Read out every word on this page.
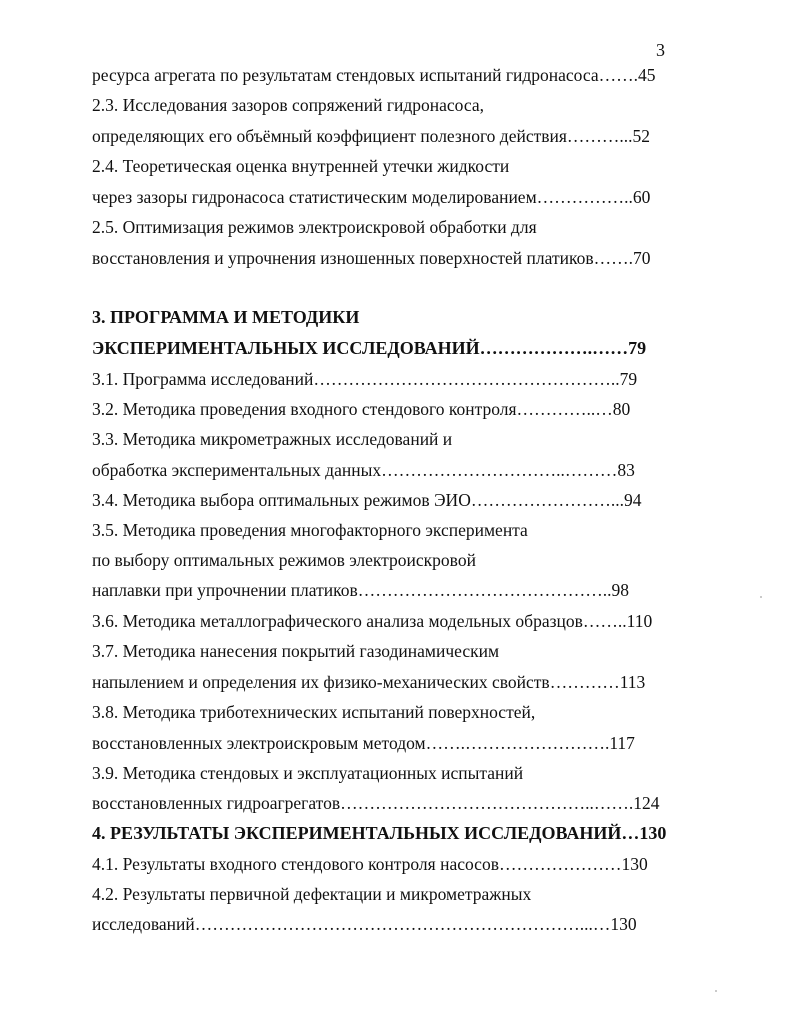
3
ресурса агрегата по результатам стендовых испытаний гидронасоса…….45
2.3. Исследования зазоров сопряжений гидронасоса,
определяющих его объёмный коэффициент полезного действия………...52
2.4. Теоретическая оценка внутренней утечки жидкости
через зазоры гидронасоса статистическим моделированием……………..60
2.5. Оптимизация режимов электроискровой обработки для
восстановления и упрочнения изношенных поверхностей платиков…….70
3. ПРОГРАММА И МЕТОДИКИ
ЭКСПЕРИМЕНТАЛЬНЫХ ИССЛЕДОВАНИЙ……………….……79
3.1. Программа исследований……………………………………………..79
3.2. Методика проведения входного стендового контроля…………..…80
3.3. Методика микрометражных исследований и
обработка экспериментальных данных…………………………..………83
3.4. Методика выбора оптимальных режимов ЭИО……………………...94
3.5. Методика проведения многофакторного эксперимента
по выбору оптимальных режимов электроискровой
наплавки при упрочнении платиков……………………………………..98
3.6. Методика металлографического анализа модельных образцов……..110
3.7. Методика нанесения покрытий газодинамическим
напылением и определения их физико-механических свойств…………113
3.8. Методика триботехнических испытаний поверхностей,
восстановленных электроискровым методом…….…………………….117
3.9. Методика стендовых и эксплуатационных испытаний
восстановленных гидроагрегатов……………………………………..…….124
4. РЕЗУЛЬТАТЫ ЭКСПЕРИМЕНТАЛЬНЫХ ИССЛЕДОВАНИЙ…130
4.1. Результаты входного стендового контроля насосов…………………130
4.2. Результаты первичной дефектации и микрометражных
исследований…………………………………………………………...…130
